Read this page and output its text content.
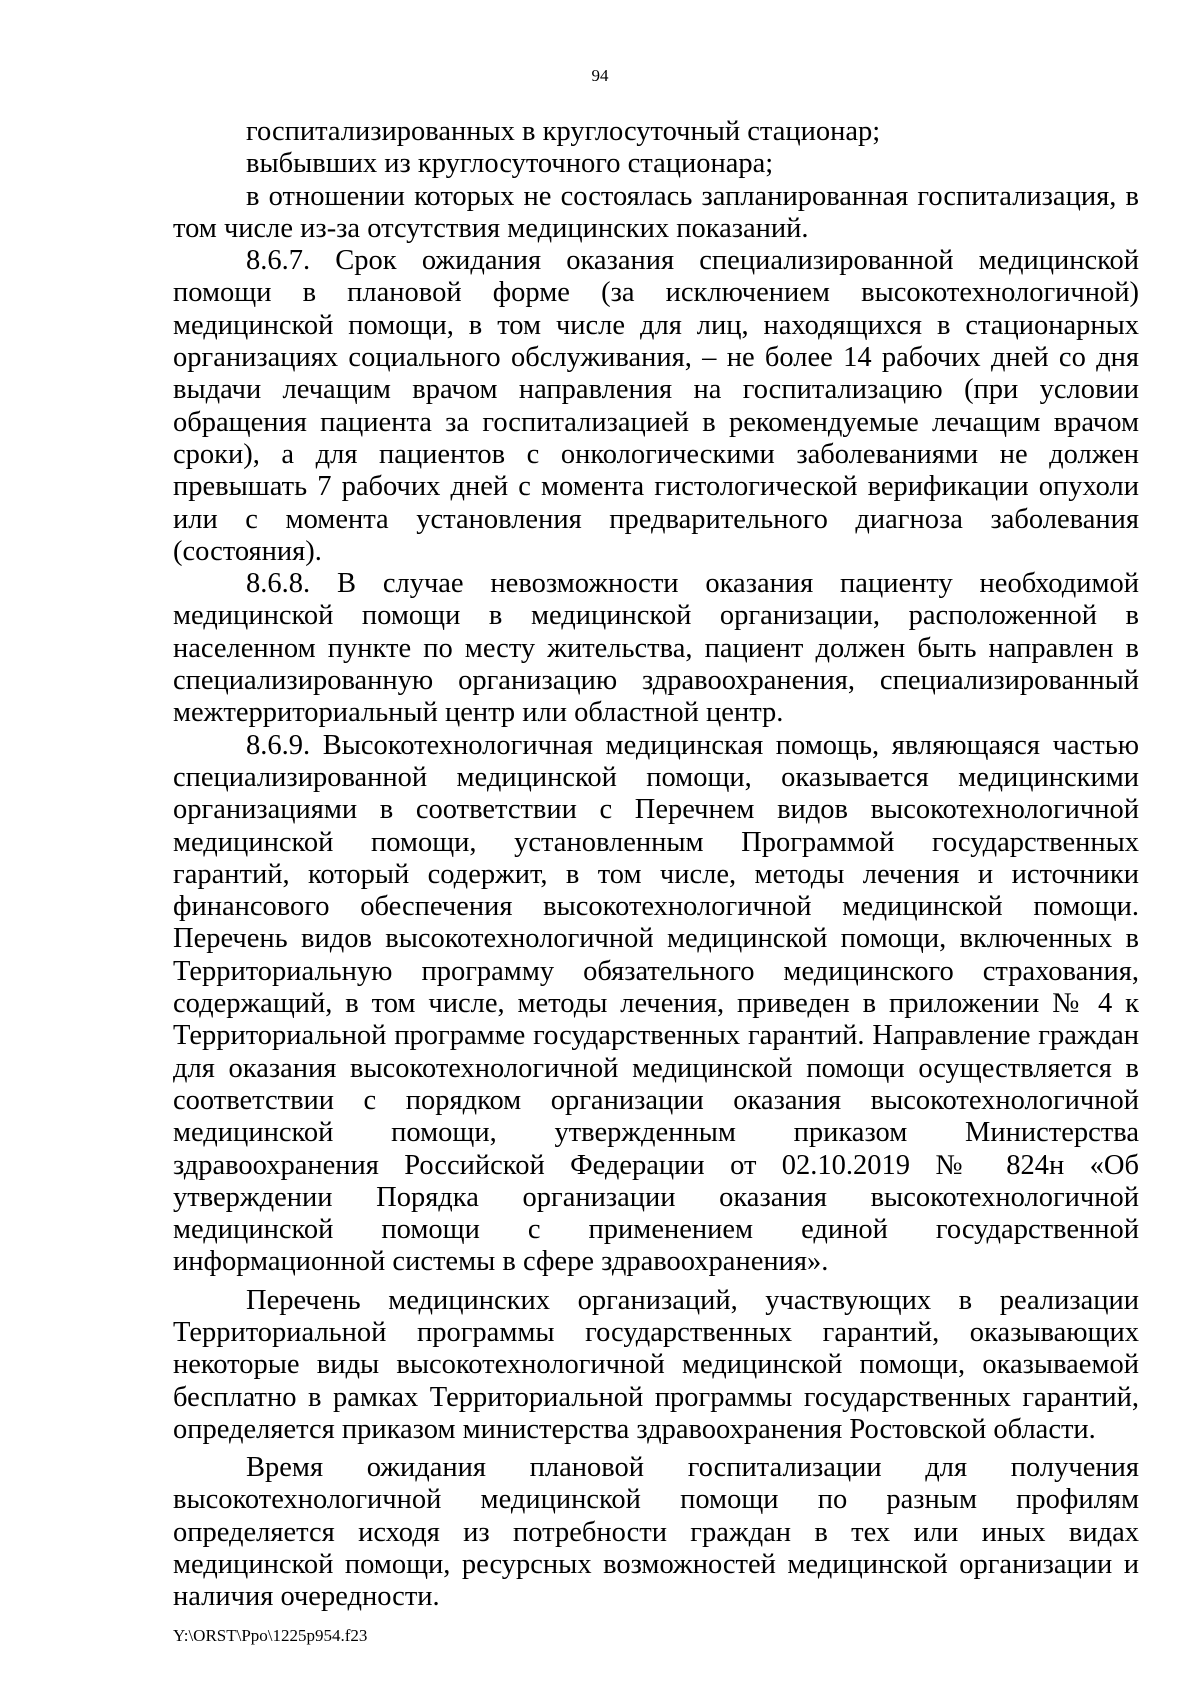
94

госпитализированных в круглосуточный стационар;

выбывших из круглосуточного стационара;

в отношении которых не состоялась запланированная госпитализация, в том числе из-за отсутствия медицинских показаний.

8.6.7. Срок ожидания оказания специализированной медицинской помощи в плановой форме (за исключением высокотехнологичной) медицинской помощи, в том числе для лиц, находящихся в стационарных организациях социального обслуживания, – не более 14 рабочих дней со дня выдачи лечащим врачом направления на госпитализацию (при условии обращения пациента за госпитализацией в рекомендуемые лечащим врачом сроки), а для пациентов с онкологическими заболеваниями не должен превышать 7 рабочих дней с момента гистологической верификации опухоли или с момента установления предварительного диагноза заболевания (состояния).

8.6.8. В случае невозможности оказания пациенту необходимой медицинской помощи в медицинской организации, расположенной в населенном пункте по месту жительства, пациент должен быть направлен в специализированную организацию здравоохранения, специализированный межтерриториальный центр или областной центр.

8.6.9. Высокотехнологичная медицинская помощь, являющаяся частью специализированной медицинской помощи, оказывается медицинскими организациями в соответствии с Перечнем видов высокотехнологичной медицинской помощи, установленным Программой государственных гарантий, который содержит, в том числе, методы лечения и источники финансового обеспечения высокотехнологичной медицинской помощи. Перечень видов высокотехнологичной медицинской помощи, включенных в Территориальную программу обязательного медицинского страхования, содержащий, в том числе, методы лечения, приведен в приложении № 4 к Территориальной программе государственных гарантий. Направление граждан для оказания высокотехнологичной медицинской помощи осуществляется в соответствии с порядком организации оказания высокотехнологичной медицинской помощи, утвержденным приказом Министерства здравоохранения Российской Федерации от 02.10.2019 № 824н «Об утверждении Порядка организации оказания высокотехнологичной медицинской помощи с применением единой государственной информационной системы в сфере здравоохранения».

Перечень медицинских организаций, участвующих в реализации Территориальной программы государственных гарантий, оказывающих некоторые виды высокотехнологичной медицинской помощи, оказываемой бесплатно в рамках Территориальной программы государственных гарантий, определяется приказом министерства здравоохранения Ростовской области.

Время ожидания плановой госпитализации для получения высокотехнологичной медицинской помощи по разным профилям определяется исходя из потребности граждан в тех или иных видах медицинской помощи, ресурсных возможностей медицинской организации и наличия очередности.

Y:\ORST\Ppo\1225p954.f23
